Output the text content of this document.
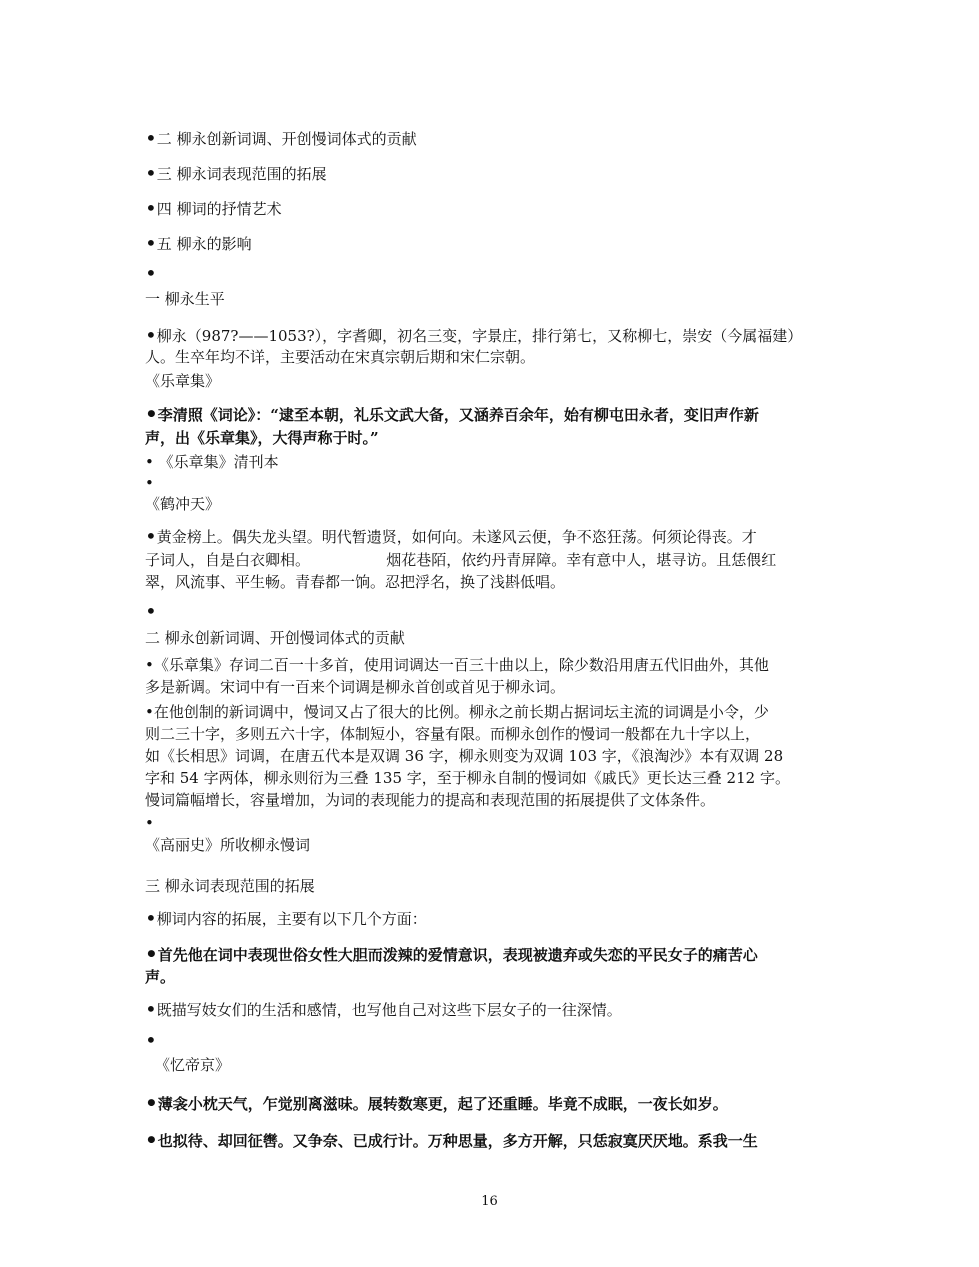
•二 柳永创新词调、开创慢词体式的贡献
•三 柳永词表现范围的拓展
•四 柳词的抒情艺术
•五 柳永的影响
•
一 柳永生平
•柳永（987?——1053?），字耆卿，初名三变，字景庄，排行第七，又称柳七，崇安（今属福建）
人。生卒年均不详，主要活动在宋真宗朝后期和宋仁宗朝。
《乐章集》
•李清照《词论》：“逮至本朝，礼乐文武大备，又涵养百余年，始有柳屯田永者，变旧声作新
声，出《乐章集》，大得声称于时。”
• 《乐章集》清刊本
•
《鹤冲天》
•黄金榜上。偶失龙头望。明代暂遗贤，如何向。未遂风云便，争不恣狂荡。何须论得丧。才
子词人，自是白衣卿相。                烟花巷陌，依约丹青屏障。幸有意中人，堪寻访。且恁偎红
翠，风流事、平生畅。青春都一饷。忍把浮名，换了浅斟低唱。
•
二 柳永创新词调、开创慢词体式的贡献
•《乐章集》存词二百一十多首，使用词调达一百三十曲以上，除少数沿用唐五代旧曲外，其他
多是新调。宋词中有一百来个词调是柳永首创或首见于柳永词。
•在他创制的新词调中，慢词又占了很大的比例。柳永之前长期占据词坛主流的词调是小令，少
则二三十字，多则五六十字，体制短小，容量有限。而柳永创作的慢词一般都在九十字以上，
如《长相思》词调，在唐五代本是双调 36 字，柳永则变为双调 103 字，《浪淘沙》本有双调 28
字和 54 字两体，柳永则衍为三叠 135 字，至于柳永自制的慢词如《戚氏》更长达三叠 212 字。
慢词篇幅增长，容量增加，为词的表现能力的提高和表现范围的拓展提供了文体条件。
•
《高丽史》所收柳永慢词
三 柳永词表现范围的拓展
•柳词内容的拓展，主要有以下几个方面：
•首先他在词中表现世俗女性大胆而泼辣的爱情意识，表现被遗弃或失恋的平民女子的痛苦心
声。
•既描写妓女们的生活和感情，也写他自己对这些下层女子的一往深情。
•
《忆帝京》
•薄衾小枕天气，乍觉别离滋味。展转数寒更，起了还重睡。毕竟不成眠，一夜长如岁。
•也拟待、却回征辔。又争奈、已成行计。万种思量，多方开解，只恁寂寞厌厌地。系我一生
16
